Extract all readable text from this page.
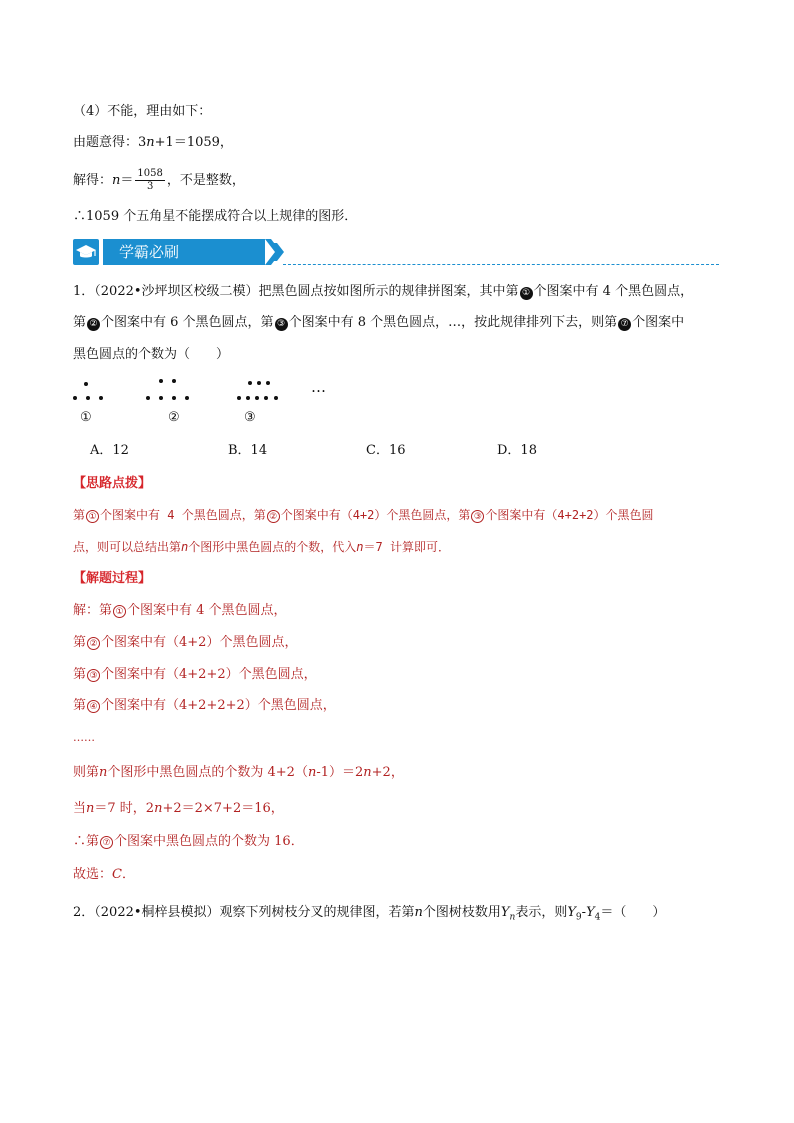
（4）不能，理由如下：
由题意得：3n+1＝1059，
解得：$n= \frac{1058}{3}$ ，不是整数，
∴1059 个五角星不能摆成符合以上规律的图形．
学霸必刷
1．（2022•沙坪坝区校级二模）把黑色圆点按如图所示的规律拼图案，其中第 ① 个图案中有 4 个黑色圆点，
第 ② 个图案中有 6 个黑色圆点，第 ③ 个图案中有 8 个黑色圆点，…，按此规律排列下去，则第 ⑦ 个图案中
黑色圆点的个数为（　　）
①	②	③
…
A．12	B．14	C．16	D．18
【思路点拨】
第 ① 个图案中有 4 个黑色圆点，第 ② 个图案中有（4+2）个黑色圆点，第 ③ 个图案中有（4+2+2）个黑色圆
点，则可以总结出第n个图形中黑色圆点的个数，代入n＝7 计算即可．
【解题过程】
解：第 ① 个图案中有 4 个黑色圆点，
第 ② 个图案中有（4+2）个黑色圆点，
第 ③ 个图案中有（4+2+2）个黑色圆点，
第 ④ 个图案中有（4+2+2+2）个黑色圆点，
……
则第n个图形中黑色圆点的个数为 4+2（n-1）＝2n+2，
当n＝7 时，2n+2＝2×7+2＝16，
∴第 ⑦ 个图案中黑色圆点的个数为 16．
故选：C．
2．（2022•桐梓县模拟）观察下列树枝分叉的规律图，若第n个图树枝数用$Y_n$表示，则$Y_9-Y_4=$（　　）
